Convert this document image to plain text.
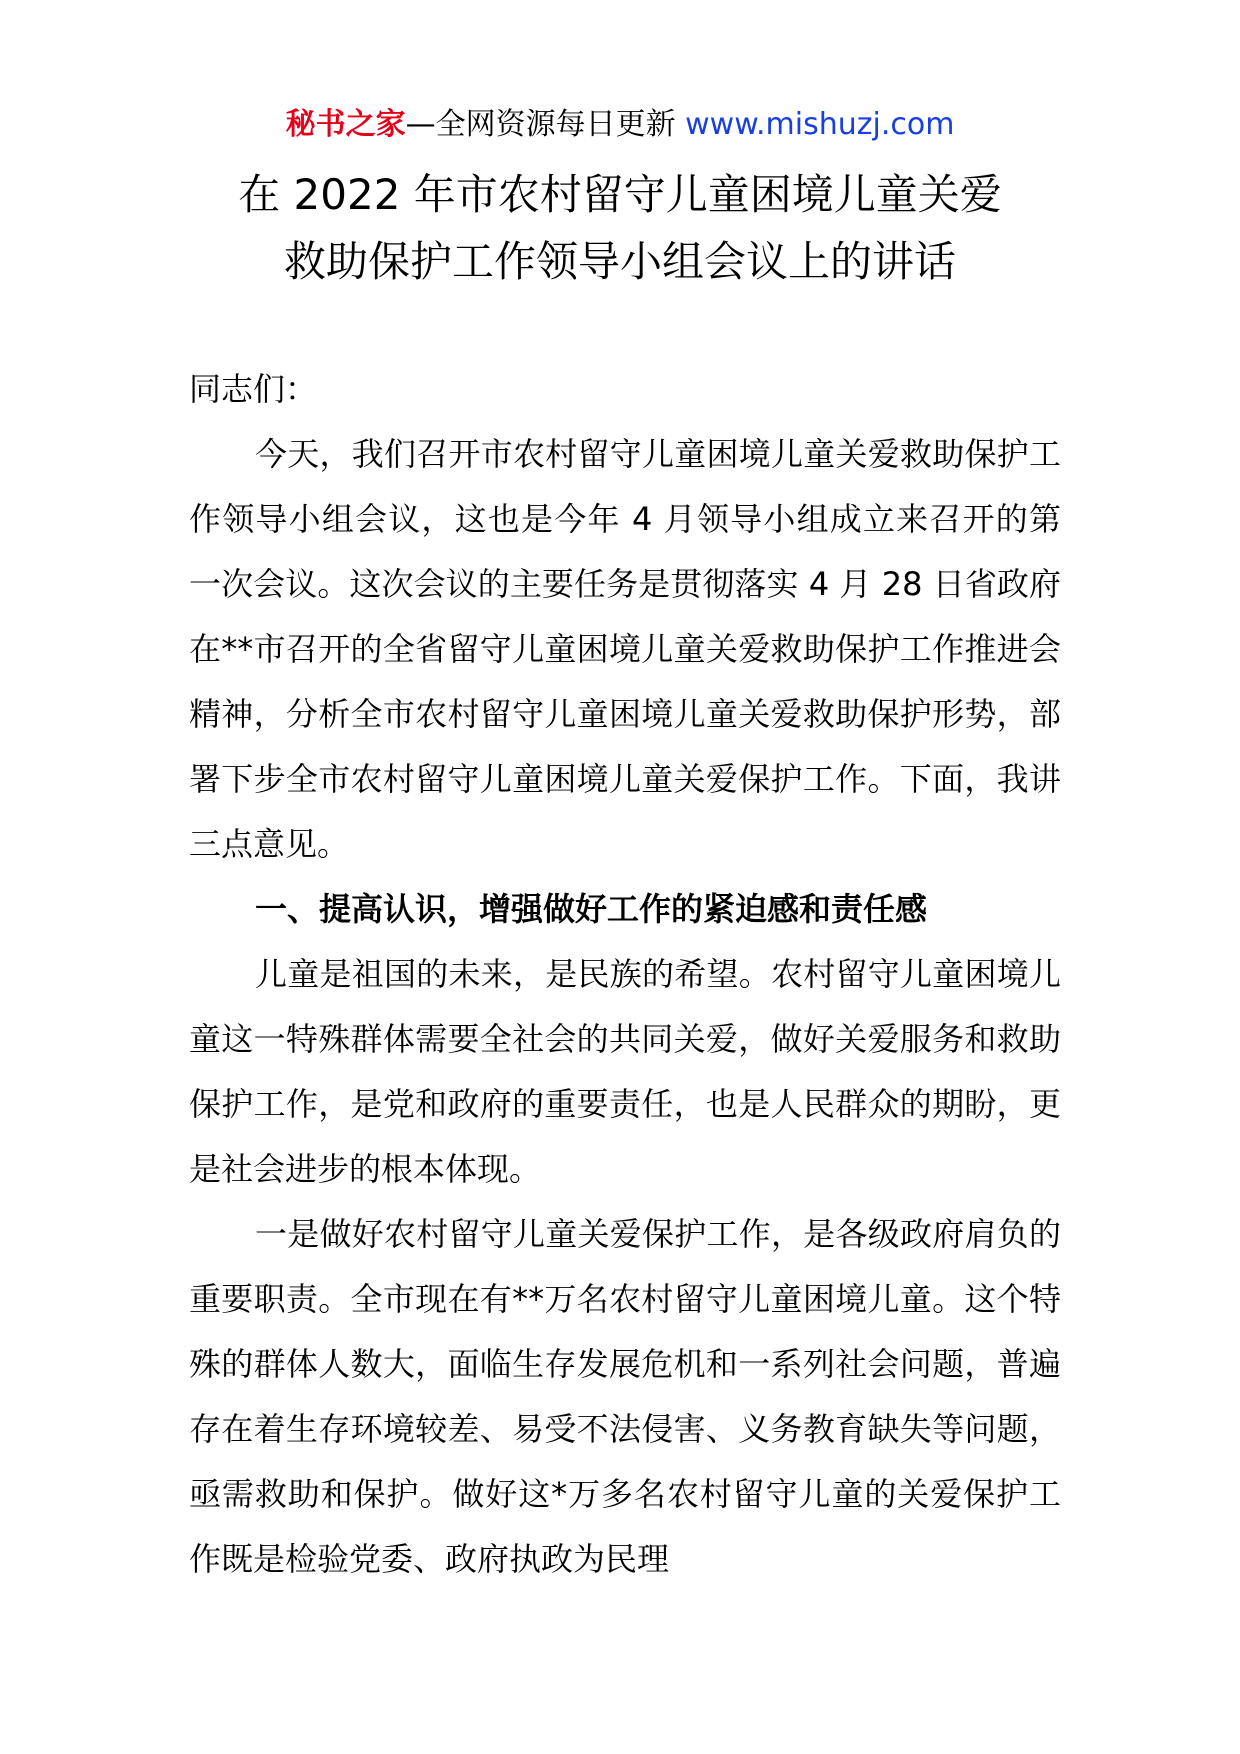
秘书之家—全网资源每日更新 www.mishuzj.com
在 2022 年市农村留守儿童困境儿童关爱
救助保护工作领导小组会议上的讲话

同志们：

今天，我们召开市农村留守儿童困境儿童关爱救助保护工作领导小组会议，这也是今年 4 月领导小组成立来召开的第一次会议。这次会议的主要任务是贯彻落实 4 月 28 日省政府在**市召开的全省留守儿童困境儿童关爱救助保护工作推进会精神，分析全市农村留守儿童困境儿童关爱救助保护形势，部署下步全市农村留守儿童困境儿童关爱保护工作。下面，我讲三点意见。

一、提高认识，增强做好工作的紧迫感和责任感

儿童是祖国的未来，是民族的希望。农村留守儿童困境儿童这一特殊群体需要全社会的共同关爱，做好关爱服务和救助保护工作，是党和政府的重要责任，也是人民群众的期盼，更是社会进步的根本体现。

一是做好农村留守儿童关爱保护工作，是各级政府肩负的重要职责。全市现在有**万名农村留守儿童困境儿童。这个特殊的群体人数大，面临生存发展危机和一系列社会问题，普遍存在着生存环境较差、易受不法侵害、义务教育缺失等问题，亟需救助和保护。做好这*万多名农村留守儿童的关爱保护工作既是检验党委、政府执政为民理
